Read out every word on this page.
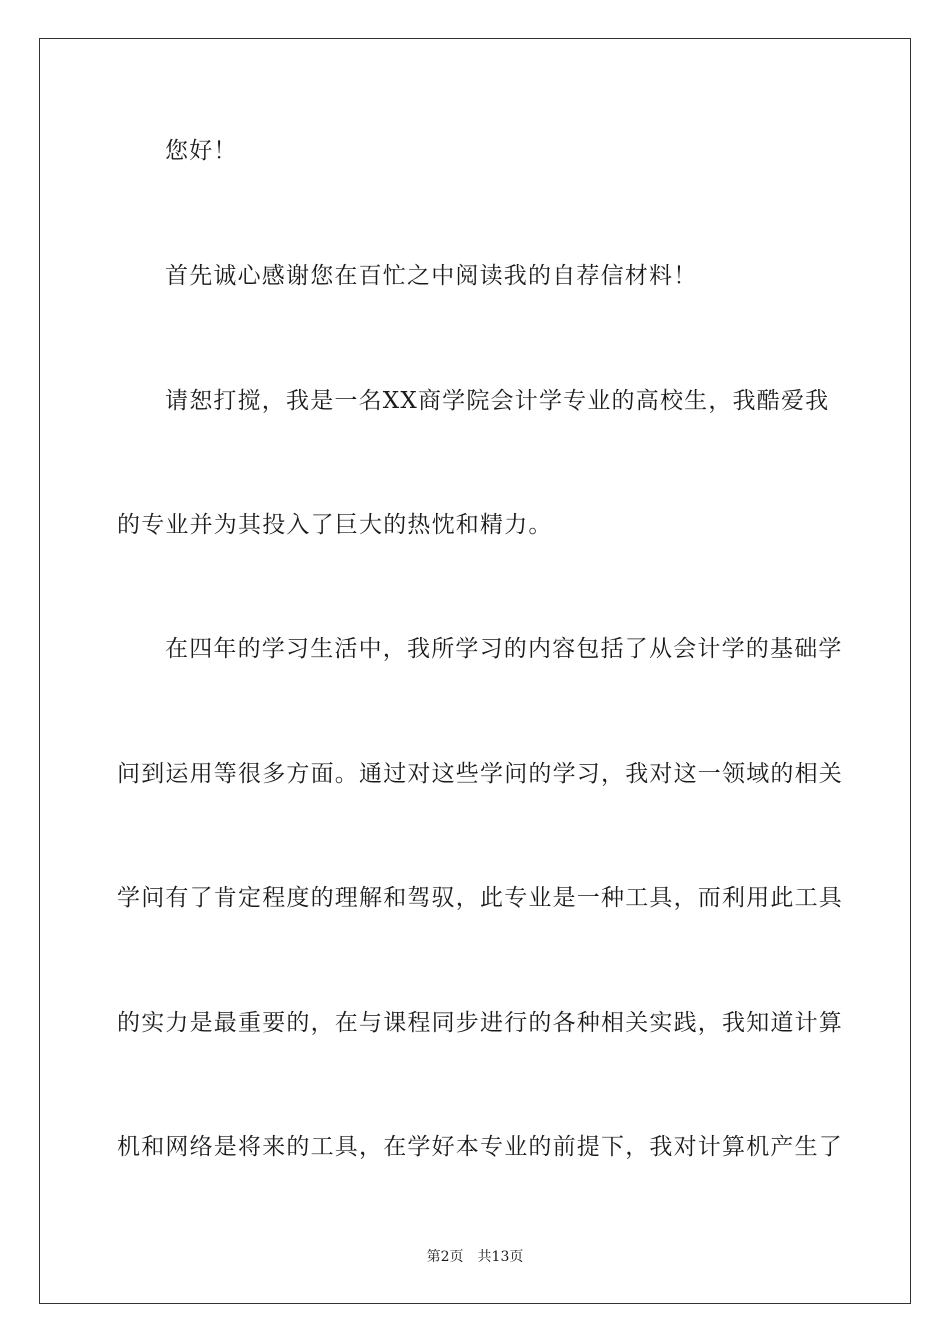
您好！

首先诚心感谢您在百忙之中阅读我的自荐信材料！

请恕打搅，我是一名XX商学院会计学专业的高校生，我酷爱我

的专业并为其投入了巨大的热忱和精力。

在四年的学习生活中，我所学习的内容包括了从会计学的基础学

问到运用等很多方面。通过对这些学问的学习，我对这一领域的相关

学问有了肯定程度的理解和驾驭，此专业是一种工具，而利用此工具

的实力是最重要的，在与课程同步进行的各种相关实践，我知道计算

机和网络是将来的工具，在学好本专业的前提下，我对计算机产生了

第2页 共13页
